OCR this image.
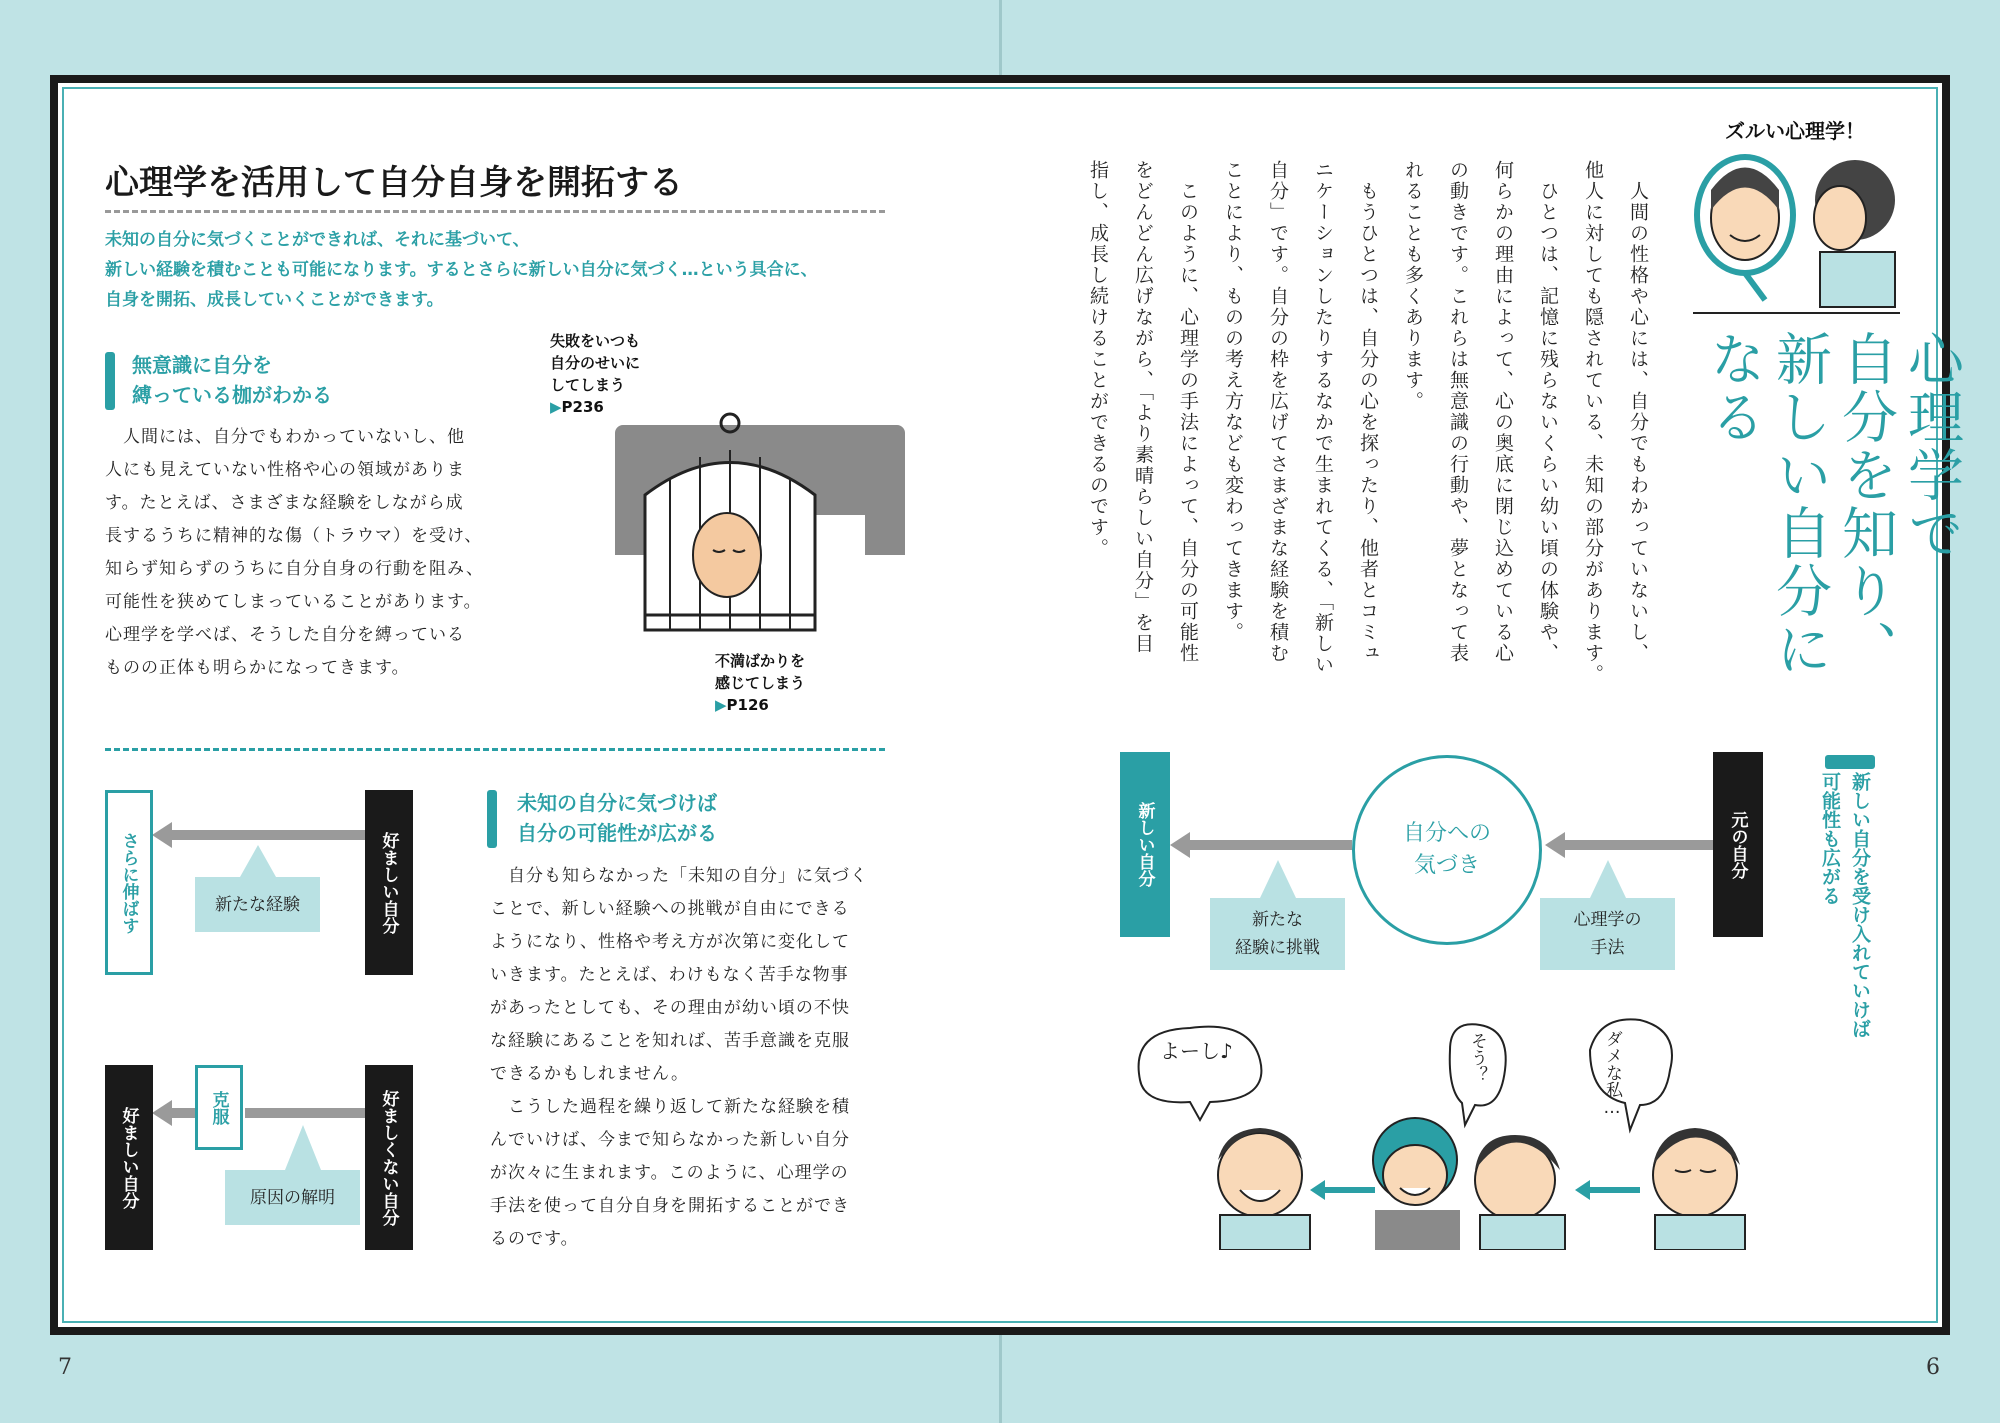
心理学を活用して自分自身を開拓する
未知の自分に気づくことができれば、それに基づいて、
新しい経験を積むことも可能になります。するとさらに新しい自分に気づく…という具合に、
自身を開拓、成長していくことができます。
無意識に自分を
縛っている枷がわかる
　人間には、自分でもわかっていないし、他
人にも見えていない性格や心の領域がありま
す。たとえば、さまざまな経験をしながら成
長するうちに精神的な傷（トラウマ）を受け、
知らず知らずのうちに自分自身の行動を阻み、
可能性を狭めてしまっていることがあります。
心理学を学べば、そうした自分を縛っている
ものの正体も明らかになってきます。
失敗をいつも
自分のせいに
してしまう
▶P236
不満ばかりを
感じてしまう
▶P126
好ましい自分
さらに伸ばす	新たな経験
好ましくない自分
克服
好ましい自分	原因の解明
未知の自分に気づけば
自分の可能性が広がる
　自分も知らなかった「未知の自分」に気づく
ことで、新しい経験への挑戦が自由にできる
ようになり、性格や考え方が次第に変化して
いきます。たとえば、わけもなく苦手な物事
があったとしても、その理由が幼い頃の不快
な経験にあることを知れば、苦手意識を克服
できるかもしれません。
　こうした過程を繰り返して新たな経験を積
んでいけば、今まで知らなかった新しい自分
が次々に生まれます。このように、心理学の
手法を使って自分自身を開拓することができ
るのです。
7
ズルい心理学！
心理学で
自分を知り、
新しい自分になる
　人間の性格や心には、自分でもわかっていないし、
他人に対しても隠されている、未知の部分があります。
　ひとつは、記憶に残らないくらい幼い頃の体験や、
何らかの理由によって、心の奥底に閉じ込めている心
の動きです。これらは無意識の行動や、夢となって表
れることも多くあります。
　もうひとつは、自分の心を探ったり、他者とコミュ
ニケーションしたりするなかで生まれてくる、「新しい
自分」です。自分の枠を広げてさまざまな経験を積む
ことにより、ものの考え方なども変わってきます。
　このように、心理学の手法によって、自分の可能性
をどんどん広げながら、「より素晴らしい自分」を目
指し、成長し続けることができるのです。
新しい自分を受け入れていけば
可能性も広がる
元の自分
自分への
気づき
新しい自分
心理学の
手法
新たな
経験に挑戦
よーし♪	そう？	ダメな
私…
6
